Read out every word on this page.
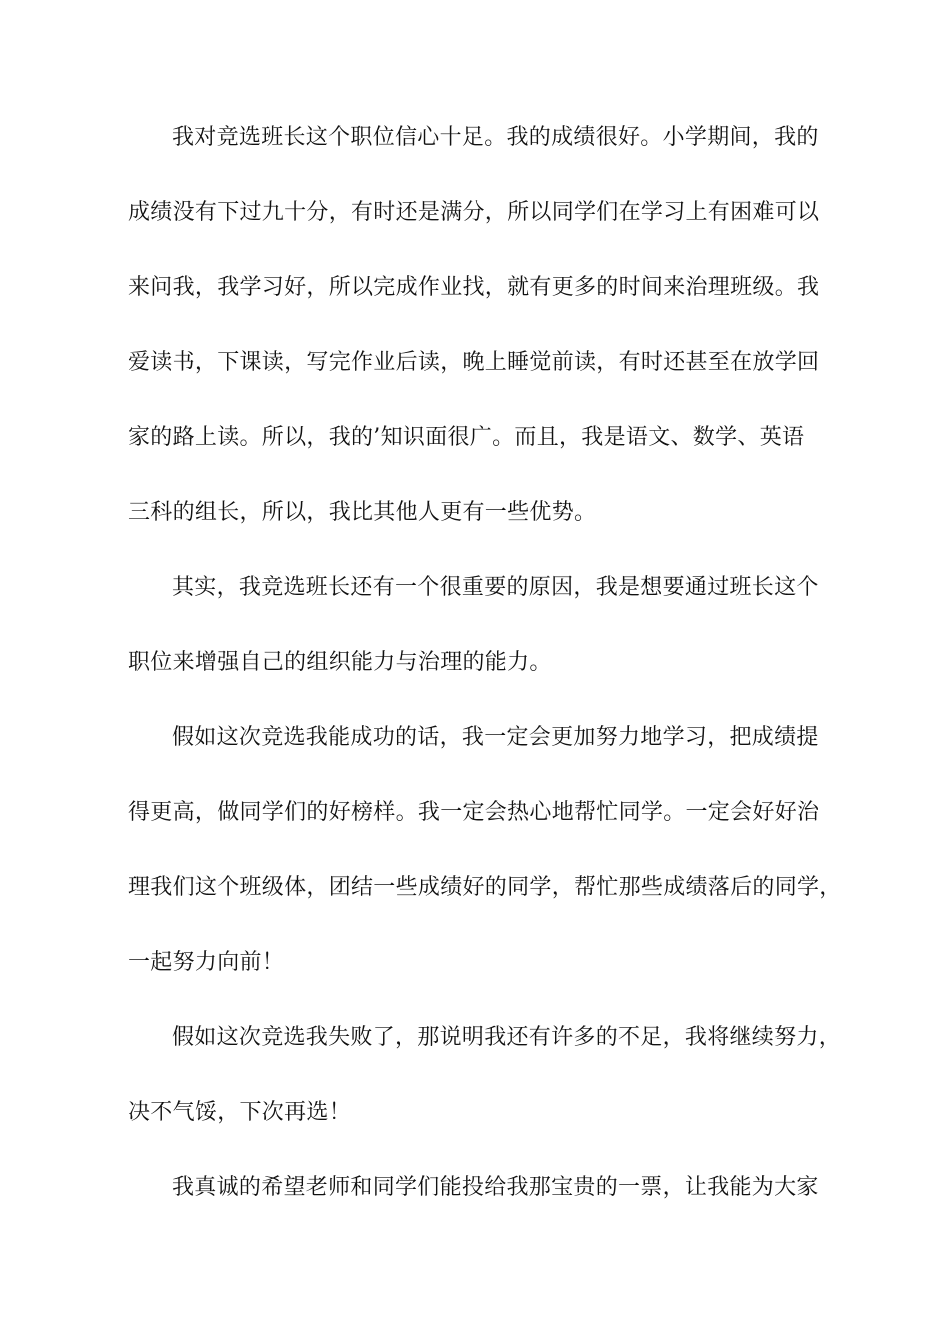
我对竞选班长这个职位信心十足。我的成绩很好。小学期间，我的
成绩没有下过九十分，有时还是满分，所以同学们在学习上有困难可以
来问我，我学习好，所以完成作业找，就有更多的时间来治理班级。我
爱读书，下课读，写完作业后读，晚上睡觉前读，有时还甚至在放学回
家的路上读。所以，我的’知识面很广。而且，我是语文、数学、英语
三科的组长，所以，我比其他人更有一些优势。
其实，我竞选班长还有一个很重要的原因，我是想要通过班长这个
职位来增强自己的组织能力与治理的能力。
假如这次竞选我能成功的话，我一定会更加努力地学习，把成绩提
得更高，做同学们的好榜样。我一定会热心地帮忙同学。一定会好好治
理我们这个班级体，团结一些成绩好的同学，帮忙那些成绩落后的同学，
一起努力向前！
假如这次竞选我失败了，那说明我还有许多的不足，我将继续努力，
决不气馁，下次再选！
我真诚的希望老师和同学们能投给我那宝贵的一票，让我能为大家
